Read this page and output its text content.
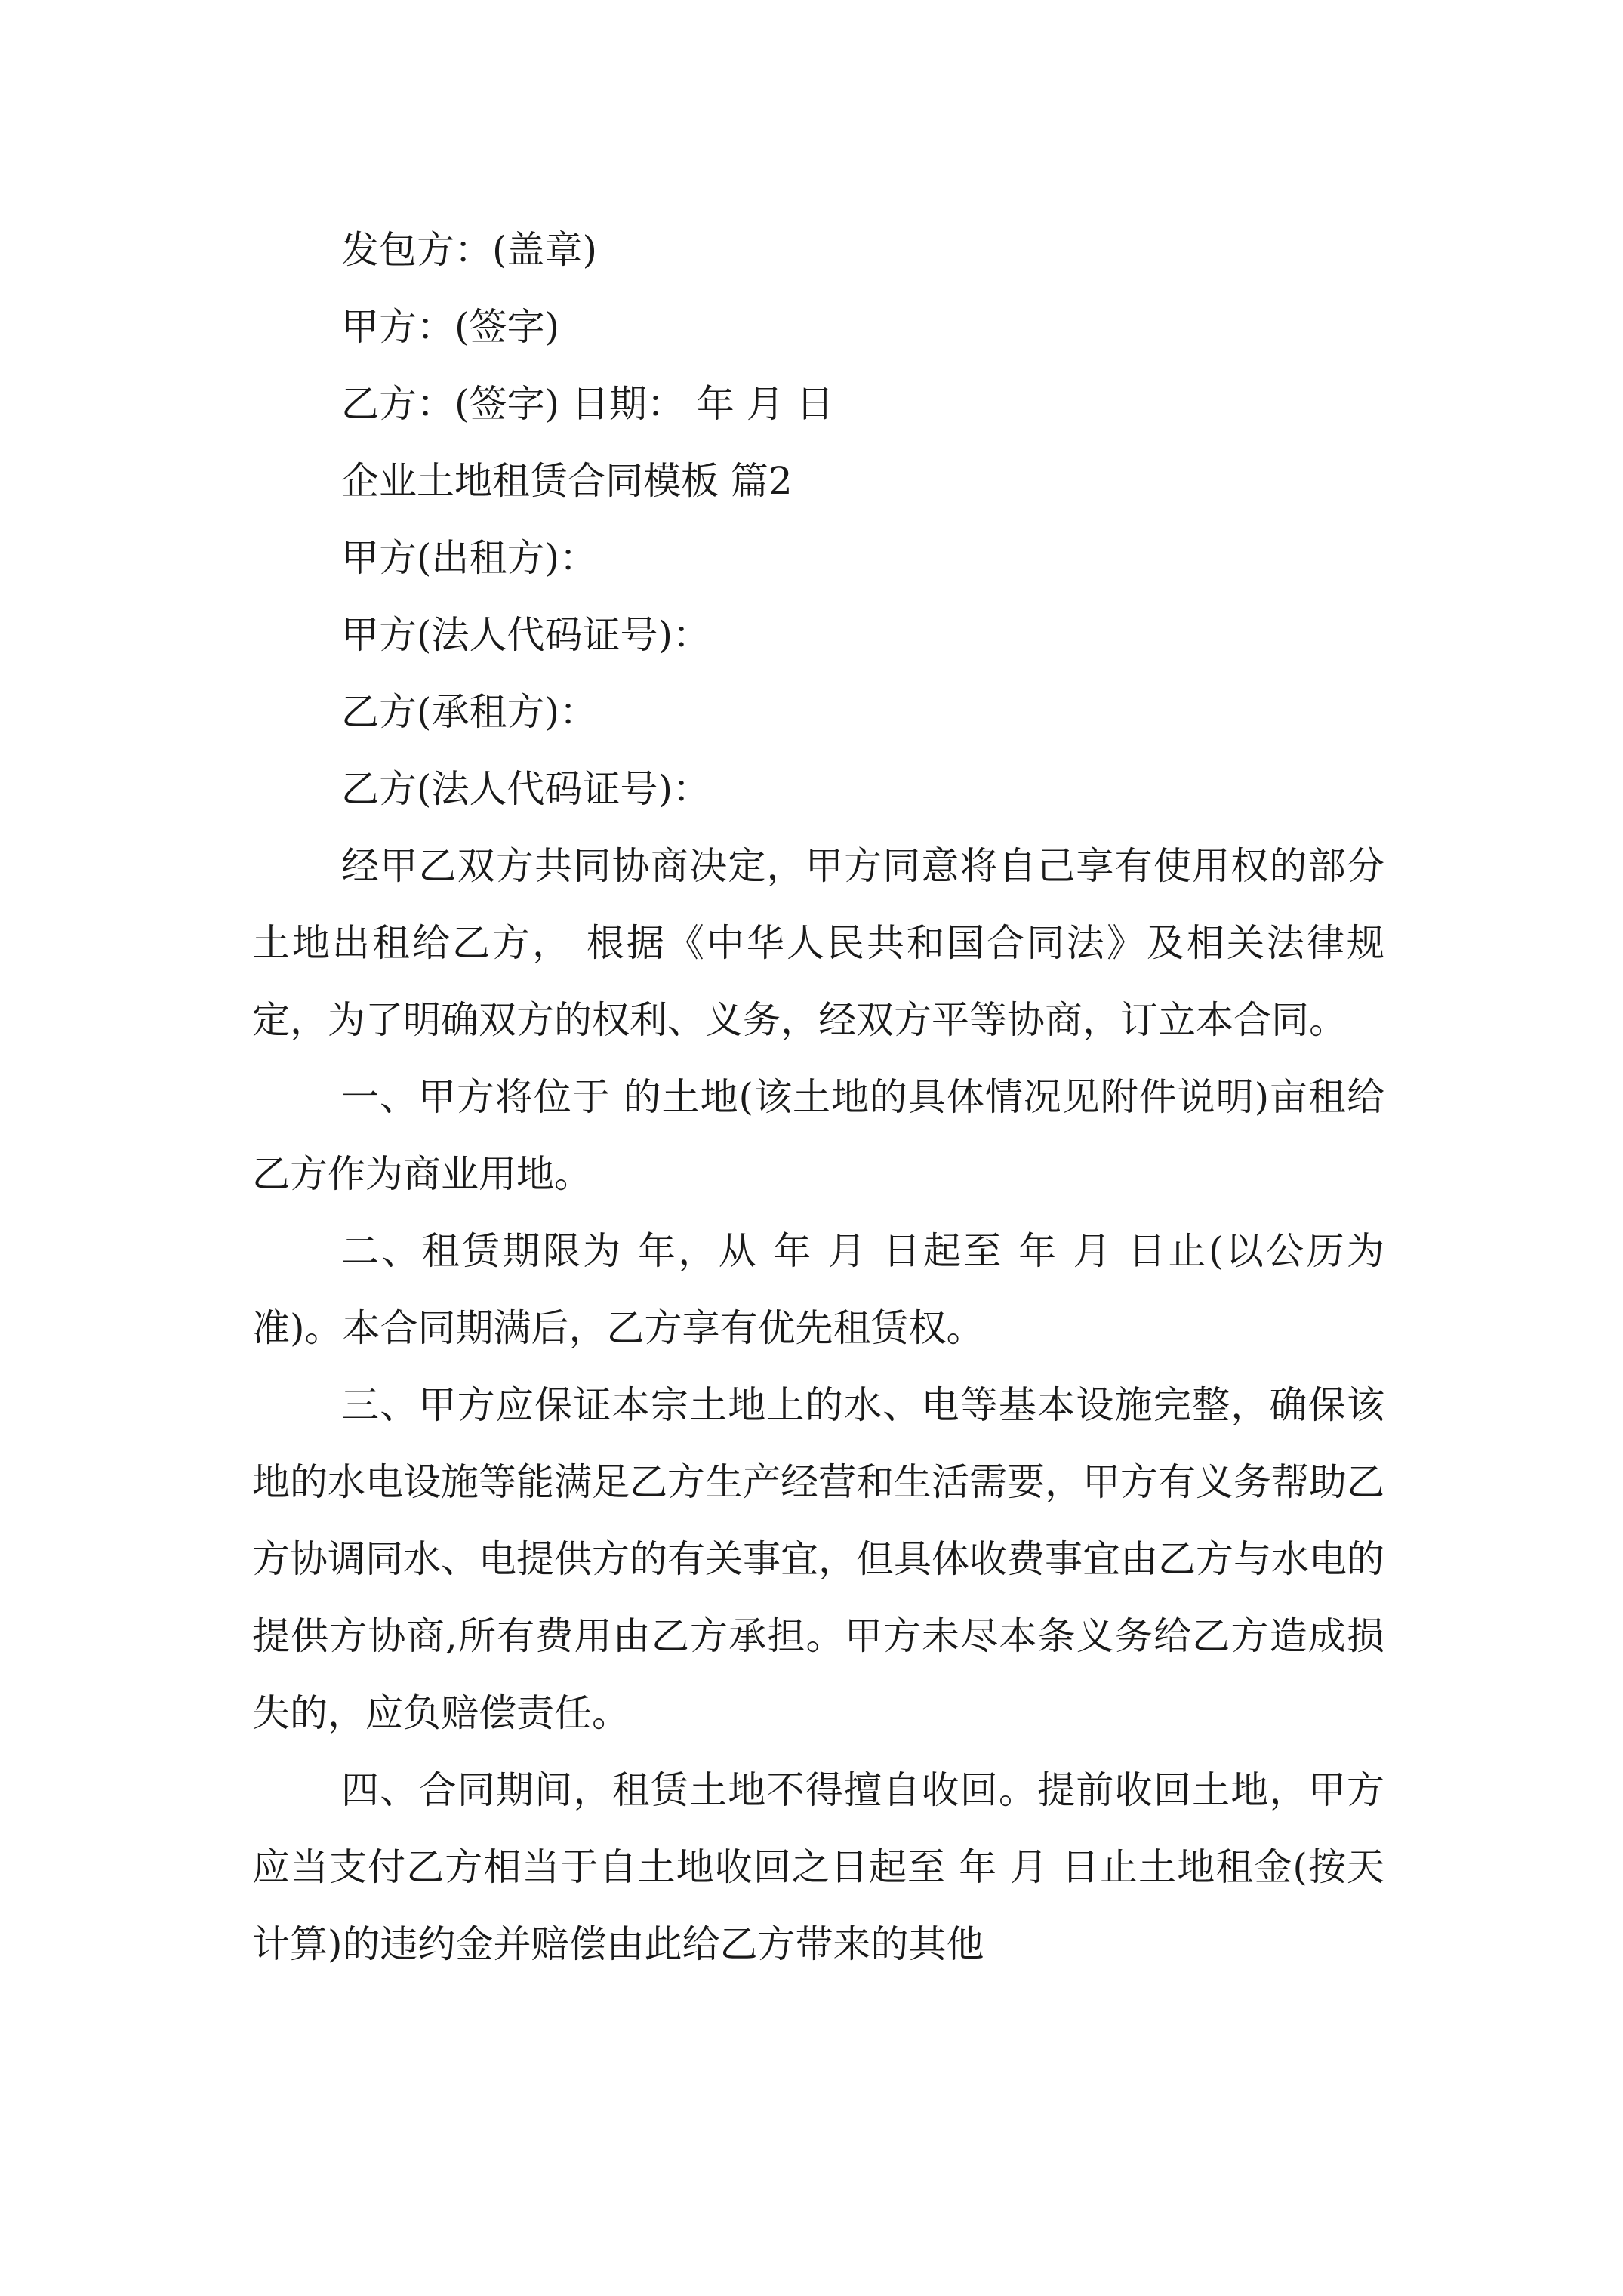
发包方：(盖章)

甲方：(签字)

乙方：(签字) 日期： 年 月 日

企业土地租赁合同模板 篇2

甲方(出租方)：

甲方(法人代码证号)：

乙方(承租方)：

乙方(法人代码证号)：

经甲乙双方共同协商决定，甲方同意将自己享有使用权的部分土地出租给乙方， 根据《中华人民共和国合同法》及相关法律规定，为了明确双方的权利、义务，经双方平等协商，订立本合同。

一、甲方将位于 的土地(该土地的具体情况见附件说明)亩租给乙方作为商业用地。

二、租赁期限为 年，从 年 月 日起至 年 月 日止(以公历为准)。本合同期满后，乙方享有优先租赁权。

三、甲方应保证本宗土地上的水、电等基本设施完整，确保该地的水电设施等能满足乙方生产经营和生活需要，甲方有义务帮助乙方协调同水、电提供方的有关事宜，但具体收费事宜由乙方与水电的提供方协商,所有费用由乙方承担。甲方未尽本条义务给乙方造成损失的，应负赔偿责任。

四、合同期间，租赁土地不得擅自收回。提前收回土地，甲方应当支付乙方相当于自土地收回之日起至 年 月 日止土地租金(按天计算)的违约金并赔偿由此给乙方带来的其他
